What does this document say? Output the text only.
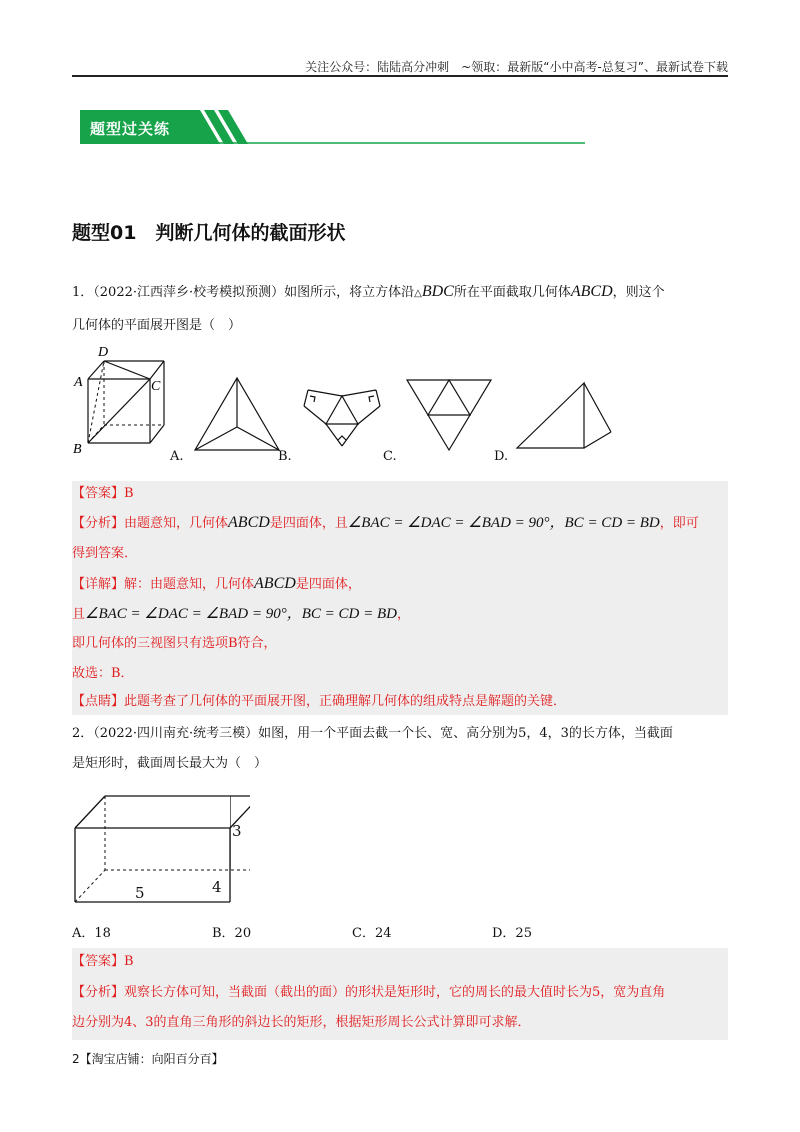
关注公众号：陆陆高分冲刺　~领取：最新版“小中高考-总复习”、最新试卷下载
题型过关练
题型01　判断几何体的截面形状
1．（2022·江西萍乡·校考模拟预测）如图所示，将立方体沿△BDC所在平面截取几何体ABCD，则这个
几何体的平面展开图是（　）
D
A	C
B	A.	B.	C.	D.
【答案】B
【分析】由题意知，几何体ABCD是四面体，且∠BAC = ∠DAC = ∠BAD = 90°，BC = CD = BD，即可
得到答案．
【详解】解：由题意知，几何体ABCD是四面体，
且∠BAC = ∠DAC = ∠BAD = 90°，BC = CD = BD，
即几何体的三视图只有选项B符合，
故选：B．
【点睛】此题考查了几何体的平面展开图，正确理解几何体的组成特点是解题的关键．
2．（2022·四川南充·统考三模）如图，用一个平面去截一个长、宽、高分别为5，4，3的长方体，当截面
是矩形时，截面周长最大为（　）
3
4
5
A．18	B．20	C．24	D．25
【答案】B
【分析】观察长方体可知，当截面（截出的面）的形状是矩形时，它的周长的最大值时长为5，宽为直角
边分别为4、3的直角三角形的斜边长的矩形，根据矩形周长公式计算即可求解．
2【淘宝店铺：向阳百分百】
